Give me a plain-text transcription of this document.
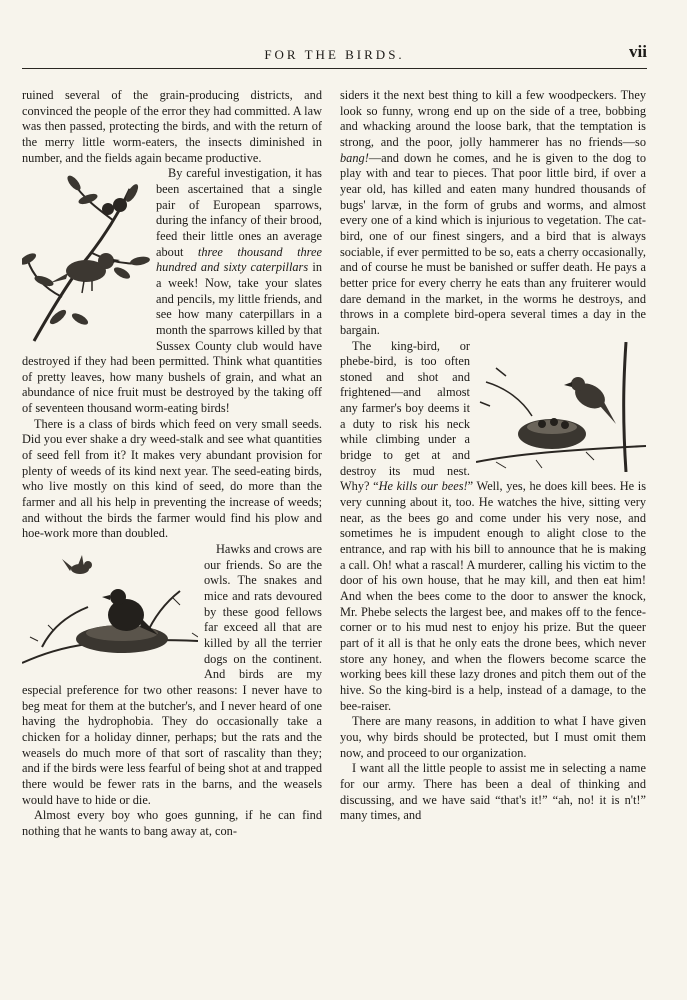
FOR THE BIRDS.	vii

ruined several of the grain-producing districts, and convinced the people of the error they had committed. A law was then passed, protecting the birds, and with the return of the merry little worm-eaters, the insects diminished in number, and the fields again became productive.

By careful investigation, it has been ascertained that a single pair of European sparrows, during the infancy of their brood, feed their little ones an average about three thousand three hundred and sixty caterpillars in a week! Now, take your slates and pencils, my little friends, and see how many caterpillars in a month the sparrows killed by that Sussex County club would have destroyed if they had been permitted. Think what quantities of pretty leaves, how many bushels of grain, and what an abundance of nice fruit must be destroyed by the taking off of seventeen thousand worm-eating birds!

There is a class of birds which feed on very small seeds. Did you ever shake a dry weed-stalk and see what quantities of seed fell from it? It makes very abundant provision for plenty of weeds of its kind next year. The seed-eating birds, who live mostly on this kind of seed, do more than the farmer and all his help in preventing the increase of weeds; and without the birds the farmer would find his plow and hoe-work more than doubled.

Hawks and crows are our friends. So are the owls. The snakes and mice and rats devoured by these good fellows far exceed all that are killed by all the terrier dogs on the continent. And birds are my especial preference for two other reasons: I never have to beg meat for them at the butcher's, and I never heard of one having the hydrophobia. They do occasionally take a chicken for a holiday dinner, perhaps; but the rats and the weasels do much more of that sort of rascality than they; and if the birds were less fearful of being shot at and trapped there would be fewer rats in the barns, and the weasels would have to hide or die.

Almost every boy who goes gunning, if he can find nothing that he wants to bang away at, con-

siders it the next best thing to kill a few woodpeckers. They look so funny, wrong end up on the side of a tree, bobbing and whacking around the loose bark, that the temptation is strong, and the poor, jolly hammerer has no friends—so bang!—and down he comes, and he is given to the dog to play with and tear to pieces. That poor little bird, if over a year old, has killed and eaten many hundred thousands of bugs' larvæ, in the form of grubs and worms, and almost every one of a kind which is injurious to vegetation. The cat-bird, one of our finest singers, and a bird that is always sociable, if ever permitted to be so, eats a cherry occasionally, and of course he must be banished or suffer death. He pays a better price for every cherry he eats than any fruiterer would dare demand in the market, in the worms he destroys, and throws in a complete bird-opera several times a day in the bargain.

The king-bird, or phebe-bird, is too often stoned and shot and frightened—and almost any farmer's boy deems it a duty to risk his neck while climbing under a bridge to get at and destroy its mud nest. Why? “He kills our bees!” Well, yes, he does kill bees. He is very cunning about it, too. He watches the hive, sitting very near, as the bees go and come under his very nose, and sometimes he is impudent enough to alight close to the entrance, and rap with his bill to announce that he is making a call. Oh! what a rascal! A murderer, calling his victim to the door of his own house, that he may kill, and then eat him! And when the bees come to the door to answer the knock, Mr. Phebe selects the largest bee, and makes off to the fence-corner or to his mud nest to enjoy his prize. But the queer part of it all is that he only eats the drone bees, which never store any honey, and when the flowers become scarce the working bees kill these lazy drones and pitch them out of the hive. So the king-bird is a help, instead of a damage, to the bee-raiser.

There are many reasons, in addition to what I have given you, why birds should be protected, but I must omit them now, and proceed to our organization.

I want all the little people to assist me in selecting a name for our army. There has been a deal of thinking and discussing, and we have said “that's it!” “ah, no! it is n't!” many times, and
